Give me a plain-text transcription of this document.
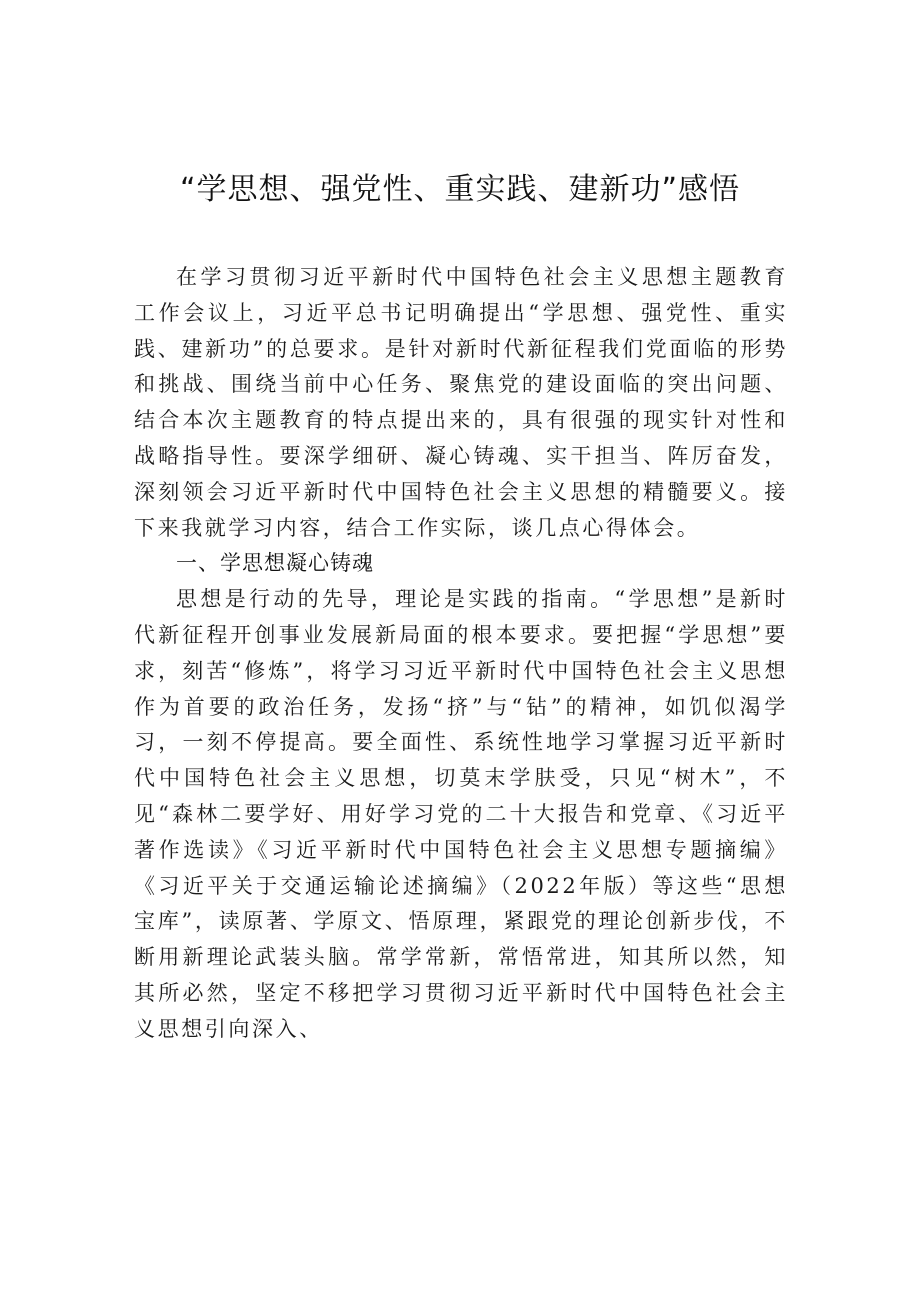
“学思想、强党性、重实践、建新功”感悟

在学习贯彻习近平新时代中国特色社会主义思想主题教育工作会议上，习近平总书记明确提出“学思想、强党性、重实践、建新功”的总要求。是针对新时代新征程我们党面临的形势和挑战、围绕当前中心任务、聚焦党的建设面临的突出问题、结合本次主题教育的特点提出来的，具有很强的现实针对性和战略指导性。要深学细研、凝心铸魂、实干担当、阵厉奋发，深刻领会习近平新时代中国特色社会主义思想的精髓要义。接下来我就学习内容，结合工作实际，谈几点心得体会。

一、学思想凝心铸魂

思想是行动的先导，理论是实践的指南。“学思想”是新时代新征程开创事业发展新局面的根本要求。要把握“学思想”要求，刻苦“修炼”，将学习习近平新时代中国特色社会主义思想作为首要的政治任务，发扬“挤”与“钻”的精神，如饥似渴学习，一刻不停提高。要全面性、系统性地学习掌握习近平新时代中国特色社会主义思想，切莫末学肤受，只见“树木”，不见“森林二要学好、用好学习党的二十大报告和党章、《习近平著作选读》《习近平新时代中国特色社会主义思想专题摘编》《习近平关于交通运输论述摘编》（2022年版）等这些“思想宝库”，读原著、学原文、悟原理，紧跟党的理论创新步伐，不断用新理论武装头脑。常学常新，常悟常进，知其所以然，知其所必然，坚定不移把学习贯彻习近平新时代中国特色社会主义思想引向深入、
